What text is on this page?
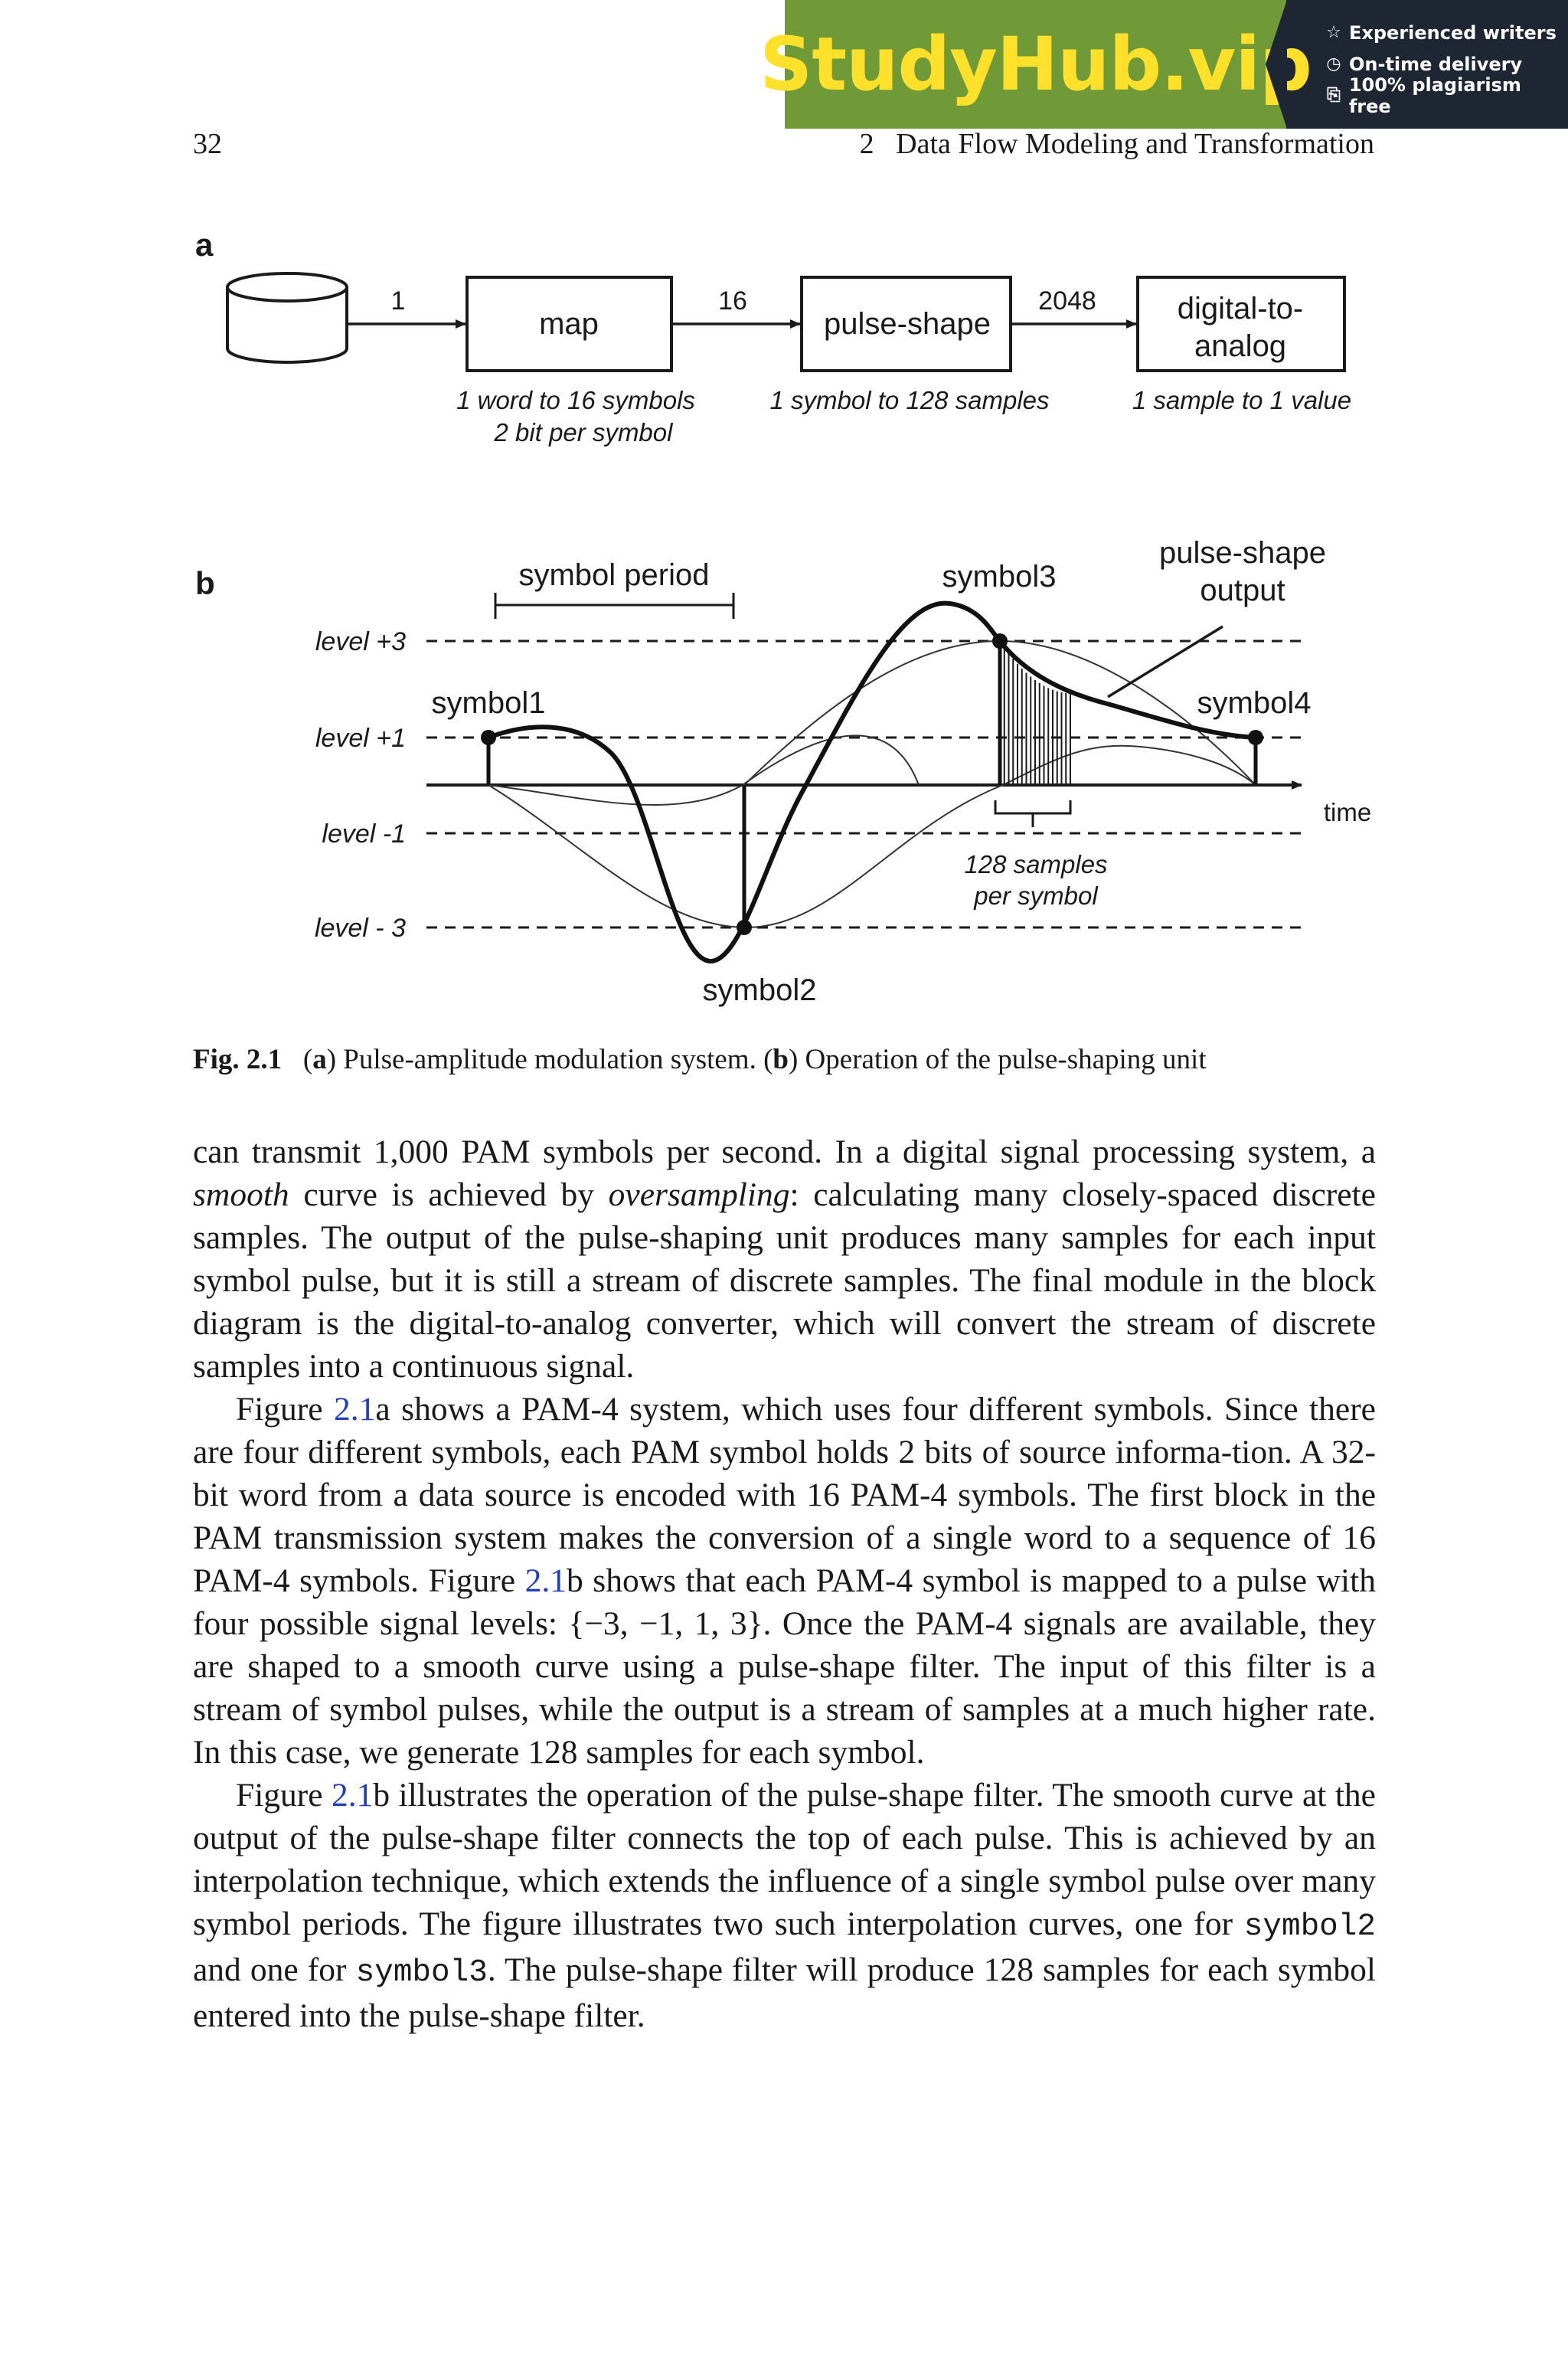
StudyHub.vip ☆ Experienced writers
◷ On-time delivery
⎘ 100% plagiarism free
32	2   Data Flow Modeling and Transformation
a
1	16	2048
map	pulse-shape	digital-to-
analog
1 word to 16 symbols
2 bit per symbol
1 symbol to 128 samples	1 sample to 1 value
b	symbol period
level +3
level +1
level -1
level - 3
time
symbol1
symbol2
symbol3
symbol4
pulse-shape
output
128 samples
per symbol
Fig. 2.1   (a) Pulse-amplitude modulation system. (b) Operation of the pulse-shaping unit

can transmit 1,000 PAM symbols per second. In a digital signal processing system, a smooth curve is achieved by oversampling: calculating many closely-spaced discrete samples. The output of the pulse-shaping unit produces many samples for each input symbol pulse, but it is still a stream of discrete samples. The final module in the block diagram is the digital-to-analog converter, which will convert the stream of discrete samples into a continuous signal.

Figure 2.1a shows a PAM-4 system, which uses four different symbols. Since there are four different symbols, each PAM symbol holds 2 bits of source informa-tion. A 32-bit word from a data source is encoded with 16 PAM-4 symbols. The first block in the PAM transmission system makes the conversion of a single word to a sequence of 16 PAM-4 symbols. Figure 2.1b shows that each PAM-4 symbol is mapped to a pulse with four possible signal levels: {−3, −1, 1, 3}. Once the PAM-4 signals are available, they are shaped to a smooth curve using a pulse-shape filter. The input of this filter is a stream of symbol pulses, while the output is a stream of samples at a much higher rate. In this case, we generate 128 samples for each symbol.

Figure 2.1b illustrates the operation of the pulse-shape filter. The smooth curve at the output of the pulse-shape filter connects the top of each pulse. This is achieved by an interpolation technique, which extends the influence of a single symbol pulse over many symbol periods. The figure illustrates two such interpolation curves, one for symbol2 and one for symbol3. The pulse-shape filter will produce 128 samples for each symbol entered into the pulse-shape filter.
